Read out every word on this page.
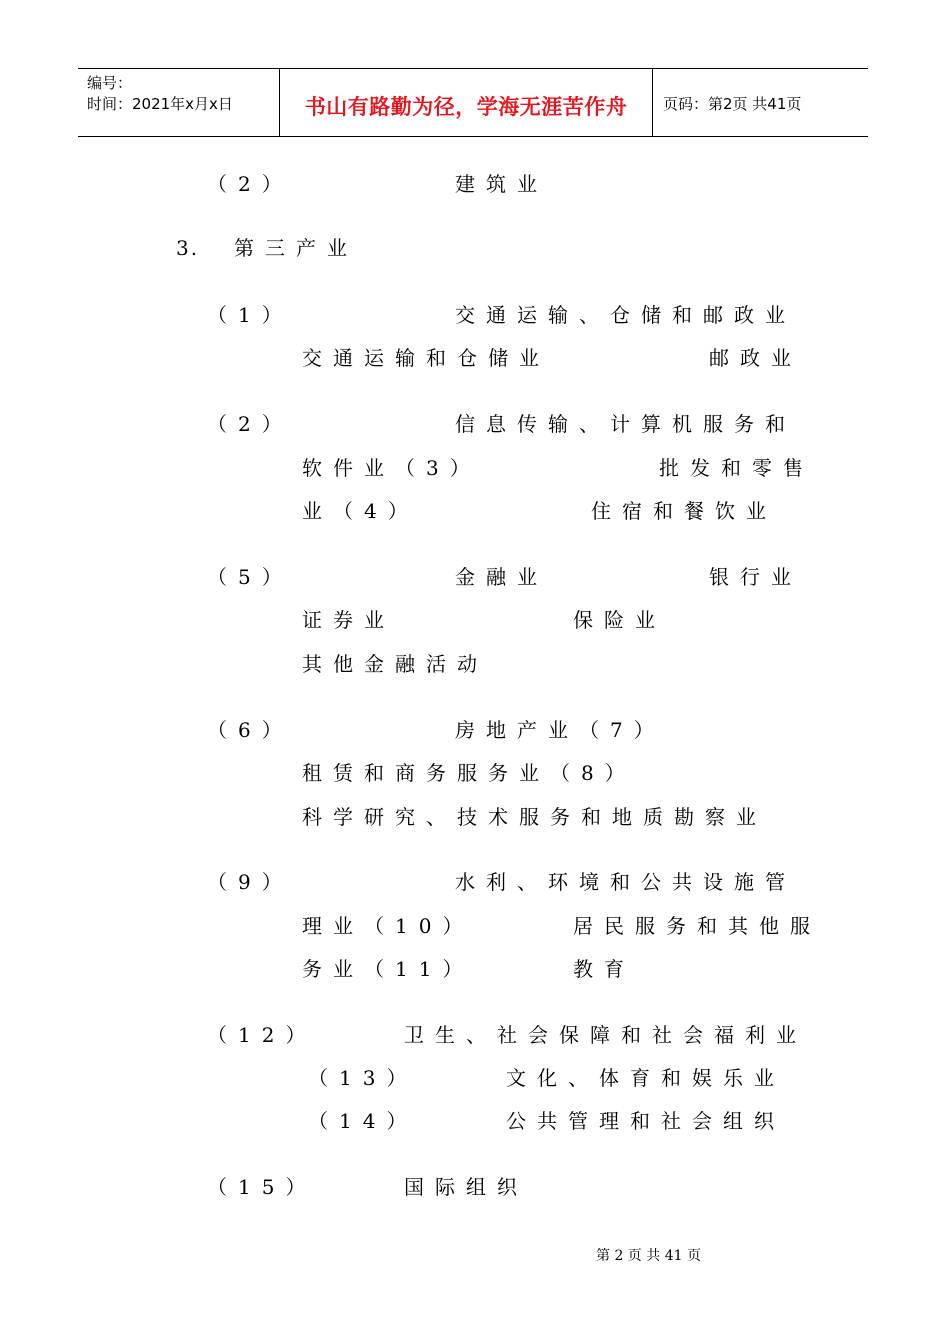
编号：
时间：2021年x月x日	书山有路勤为径，学海无涯苦作舟	页码：第2页 共41页
（2）	建筑业
3. 第三产业
（1）	交通运输、仓储和邮政业
交通运输和仓储业	邮政业
（2）	信息传输、计算机服务和
软件业（3）	批发和零售
业（4）	住宿和餐饮业
（5）	金融业	银行业
证券业	保险业
其他金融活动
（6）	房地产业（7）
租赁和商务服务业（8）
科学研究、技术服务和地质勘察业
（9）	水利、环境和公共设施管
理业（10）	居民服务和其他服
务业（11）	教育
（12）	卫生、社会保障和社会福利业
（13）	文化、体育和娱乐业
（14）	公共管理和社会组织
（15）	国际组织
第 2 页 共 41 页
